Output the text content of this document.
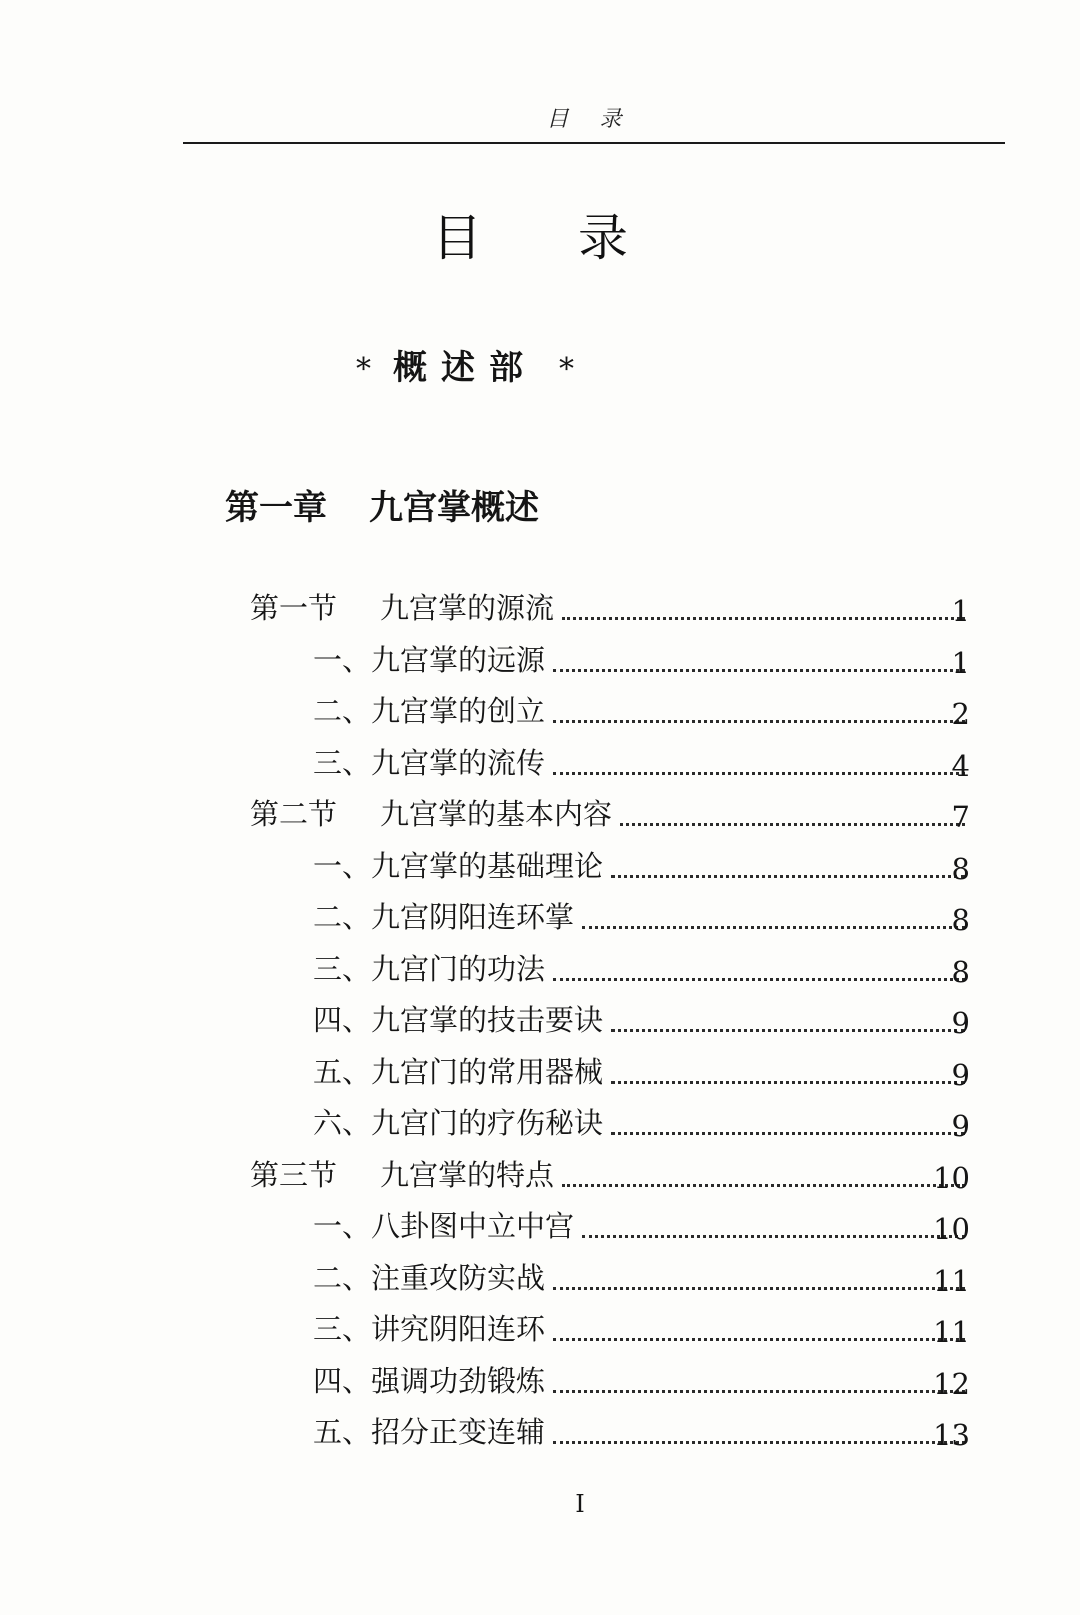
目 录
目 录
* 概述部 *
第一章 九宫掌概述
第一节 九宫掌的源流	1
一、九宫掌的远源	1
二、九宫掌的创立	2
三、九宫掌的流传	4
第二节 九宫掌的基本内容	7
一、九宫掌的基础理论	8
二、九宫阴阳连环掌	8
三、九宫门的功法	8
四、九宫掌的技击要诀	9
五、九宫门的常用器械	9
六、九宫门的疗伤秘诀	9
第三节 九宫掌的特点	10
一、八卦图中立中宫	10
二、注重攻防实战	11
三、讲究阴阳连环	11
四、强调功劲锻炼	12
五、招分正变连辅	13
I
